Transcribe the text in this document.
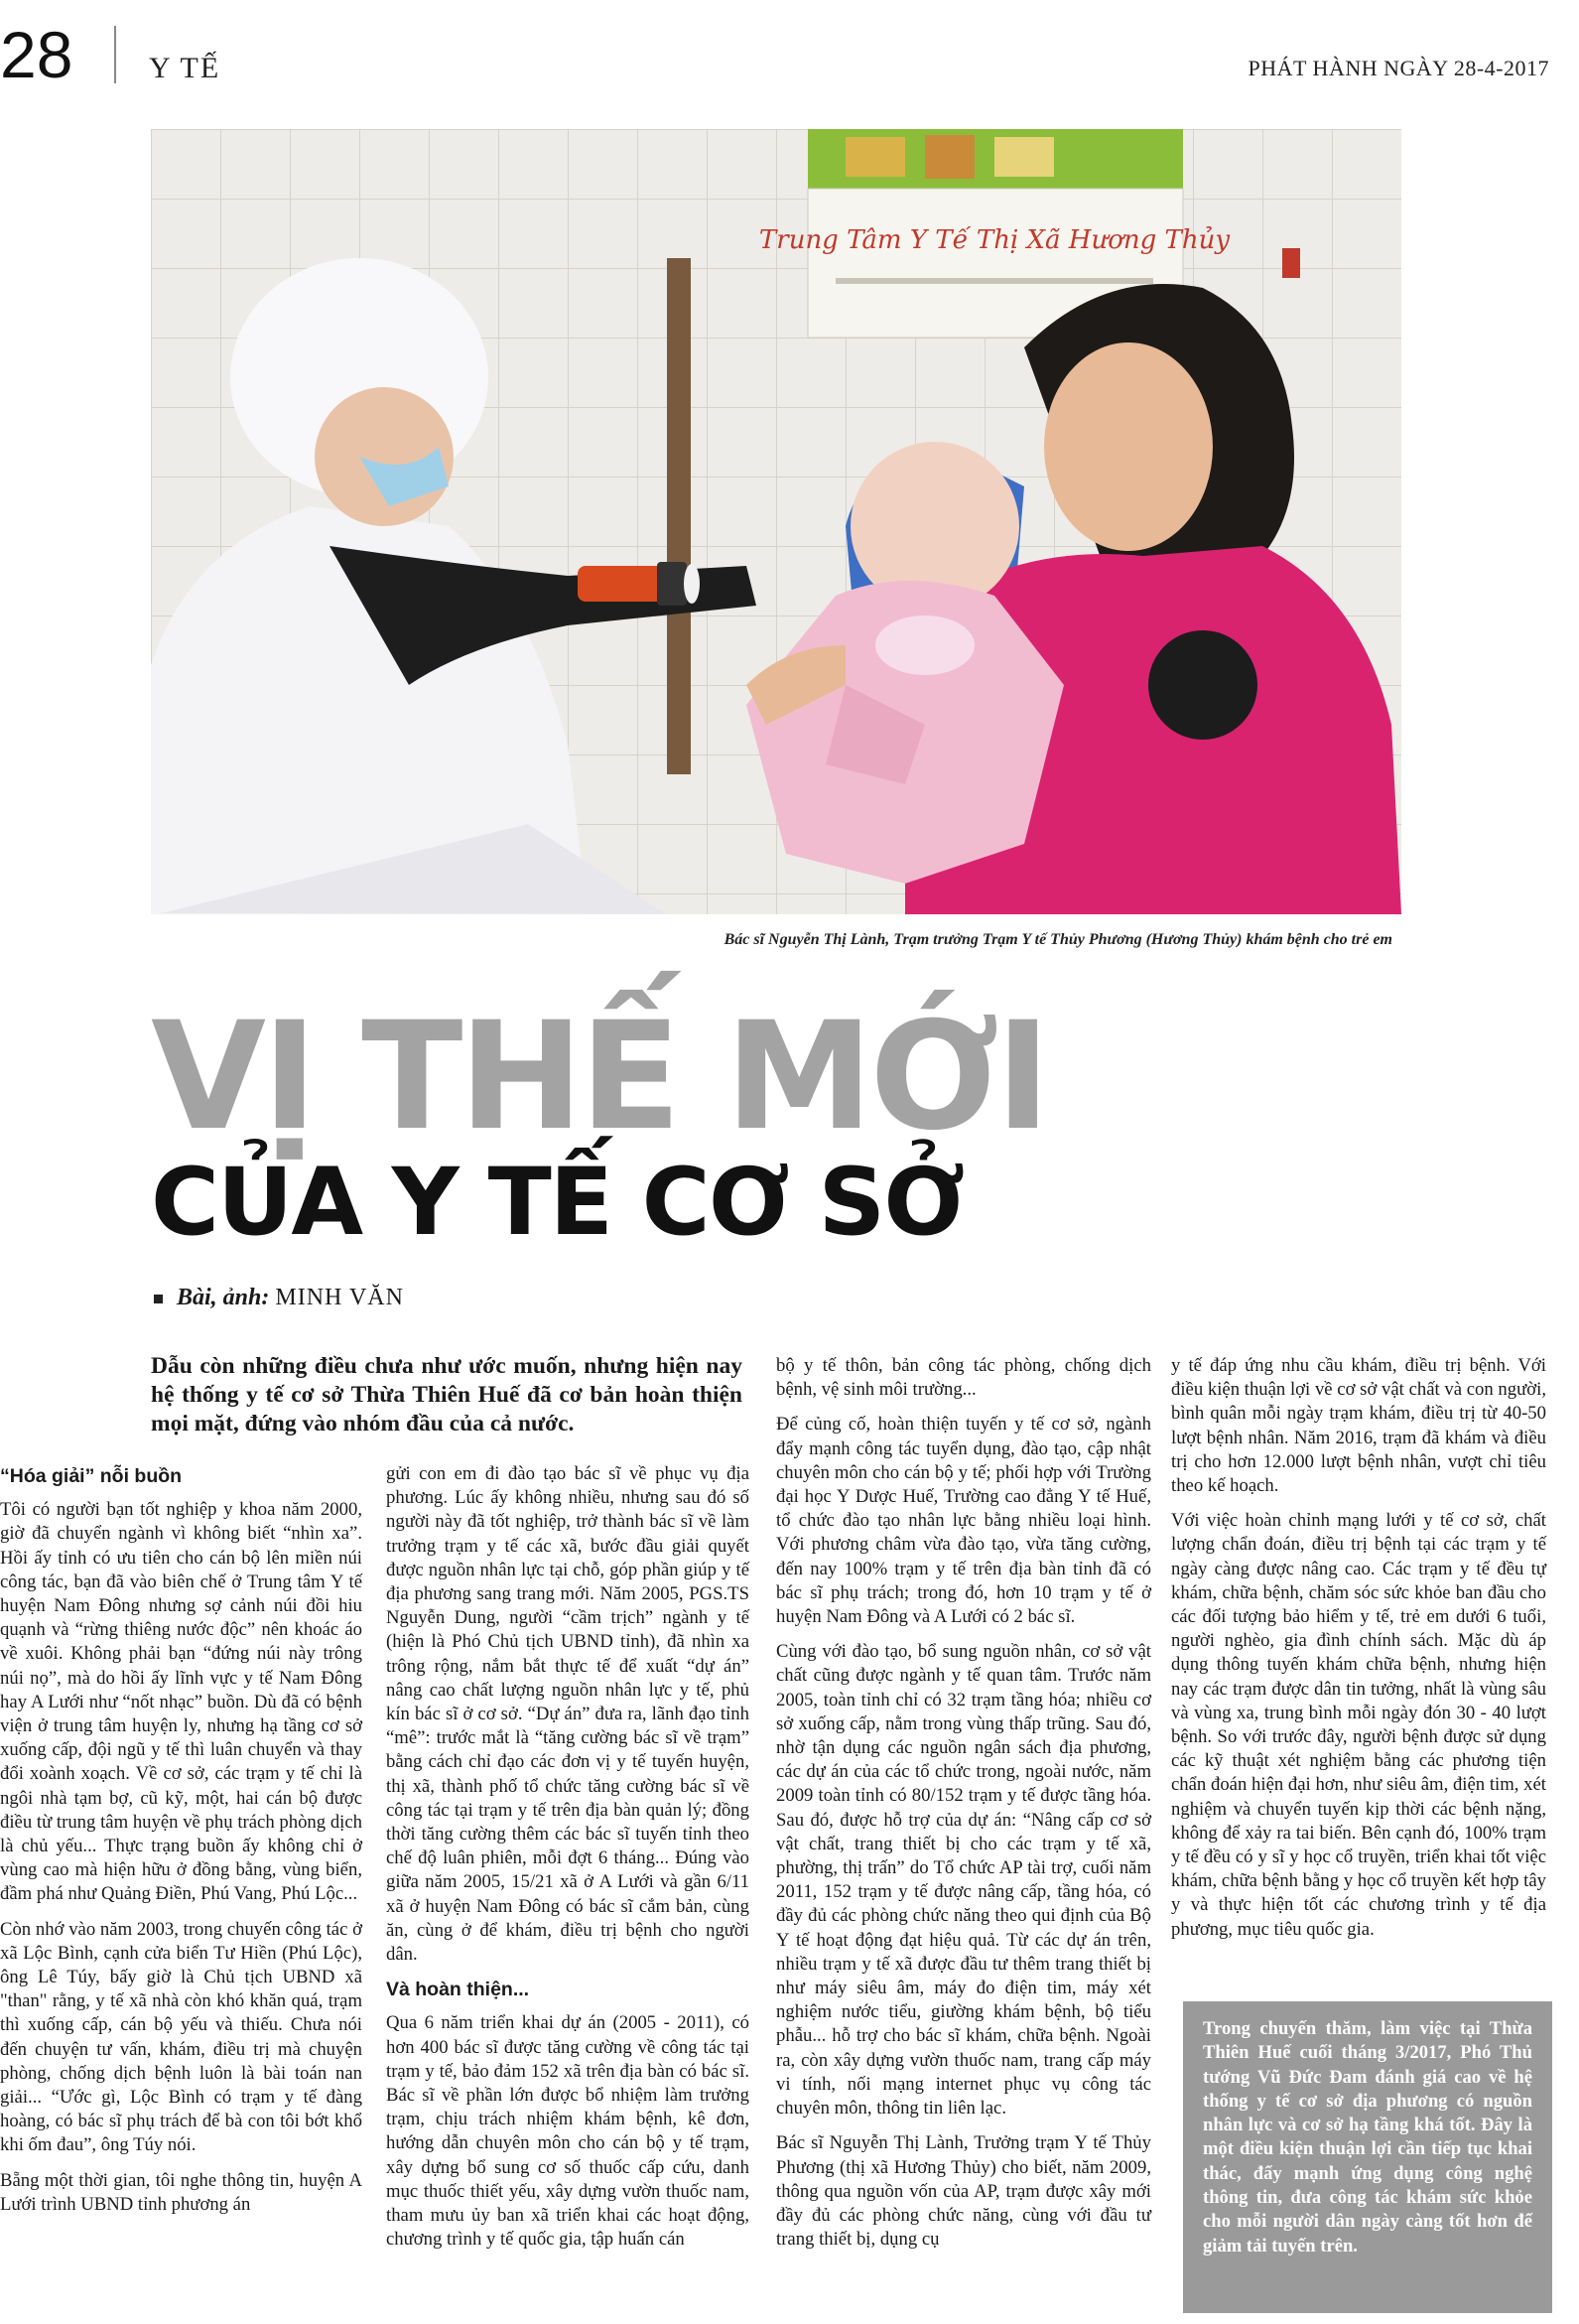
28	Y TẾ	PHÁT HÀNH NGÀY 28-4-2017
Trung Tâm Y Tế Thị Xã Hương Thủy
Bác sĩ Nguyễn Thị Lành, Trạm trưởng Trạm Y tế Thủy Phương (Hương Thủy) khám bệnh cho trẻ em
VỊ THẾ MỚI
CỦA Y TẾ CƠ SỞ
Bài, ảnh: MINH VĂN
Dẫu còn những điều chưa như ước muốn, nhưng hiện nay hệ thống y tế cơ sở Thừa Thiên Huế đã cơ bản hoàn thiện mọi mặt, đứng vào nhóm đầu của cả nước.
“Hóa giải” nỗi buồn

Tôi có người bạn tốt nghiệp y khoa năm 2000, giờ đã chuyển ngành vì không biết “nhìn xa”. Hồi ấy tỉnh có ưu tiên cho cán bộ lên miền núi công tác, bạn đã vào biên chế ở Trung tâm Y tế huyện Nam Đông nhưng sợ cảnh núi đồi hiu quạnh và “rừng thiêng nước độc” nên khoác áo về xuôi. Không phải bạn “đứng núi này trông núi nọ”, mà do hồi ấy lĩnh vực y tế Nam Đông hay A Lưới như “nốt nhạc” buồn. Dù đã có bệnh viện ở trung tâm huyện ly, nhưng hạ tầng cơ sở xuống cấp, đội ngũ y tế thì luân chuyển và thay đổi xoành xoạch. Về cơ sở, các trạm y tế chỉ là ngôi nhà tạm bợ, cũ kỹ, một, hai cán bộ được điều từ trung tâm huyện về phụ trách phòng dịch là chủ yếu... Thực trạng buồn ấy không chỉ ở vùng cao mà hiện hữu ở đồng bằng, vùng biển, đầm phá như Quảng Điền, Phú Vang, Phú Lộc...

Còn nhớ vào năm 2003, trong chuyến công tác ở xã Lộc Bình, cạnh cửa biển Tư Hiền (Phú Lộc), ông Lê Túy, bấy giờ là Chủ tịch UBND xã "than" rằng, y tế xã nhà còn khó khăn quá, trạm thì xuống cấp, cán bộ yếu và thiếu. Chưa nói đến chuyện tư vấn, khám, điều trị mà chuyện phòng, chống dịch bệnh luôn là bài toán nan giải... “Ước gì, Lộc Bình có trạm y tế đàng hoàng, có bác sĩ phụ trách để bà con tôi bớt khổ khi ốm đau”, ông Túy nói.

Bẵng một thời gian, tôi nghe thông tin, huyện A Lưới trình UBND tỉnh phương án

gửi con em đi đào tạo bác sĩ về phục vụ địa phương. Lúc ấy không nhiều, nhưng sau đó số người này đã tốt nghiệp, trở thành bác sĩ về làm trưởng trạm y tế các xã, bước đầu giải quyết được nguồn nhân lực tại chỗ, góp phần giúp y tế địa phương sang trang mới. Năm 2005, PGS.TS Nguyễn Dung, người “cầm trịch” ngành y tế (hiện là Phó Chủ tịch UBND tỉnh), đã nhìn xa trông rộng, nắm bắt thực tế để xuất “dự án” nâng cao chất lượng nguồn nhân lực y tế, phủ kín bác sĩ ở cơ sở. “Dự án” đưa ra, lãnh đạo tỉnh “mê”: trước mắt là “tăng cường bác sĩ về trạm” bằng cách chỉ đạo các đơn vị y tế tuyến huyện, thị xã, thành phố tổ chức tăng cường bác sĩ về công tác tại trạm y tế trên địa bàn quản lý; đồng thời tăng cường thêm các bác sĩ tuyến tỉnh theo chế độ luân phiên, mỗi đợt 6 tháng... Đúng vào giữa năm 2005, 15/21 xã ở A Lưới và gần 6/11 xã ở huyện Nam Đông có bác sĩ cắm bản, cùng ăn, cùng ở để khám, điều trị bệnh cho người dân.

Và hoàn thiện...

Qua 6 năm triển khai dự án (2005 - 2011), có hơn 400 bác sĩ được tăng cường về công tác tại trạm y tế, bảo đảm 152 xã trên địa bàn có bác sĩ. Bác sĩ về phần lớn được bổ nhiệm làm trưởng trạm, chịu trách nhiệm khám bệnh, kê đơn, hướng dẫn chuyên môn cho cán bộ y tế trạm, xây dựng bổ sung cơ số thuốc cấp cứu, danh mục thuốc thiết yếu, xây dựng vườn thuốc nam, tham mưu ủy ban xã triển khai các hoạt động, chương trình y tế quốc gia, tập huấn cán

bộ y tế thôn, bản công tác phòng, chống dịch bệnh, vệ sinh môi trường...

Để củng cố, hoàn thiện tuyến y tế cơ sở, ngành đẩy mạnh công tác tuyển dụng, đào tạo, cập nhật chuyên môn cho cán bộ y tế; phối hợp với Trường đại học Y Dược Huế, Trường cao đẳng Y tế Huế, tổ chức đào tạo nhân lực bằng nhiều loại hình. Với phương châm vừa đào tạo, vừa tăng cường, đến nay 100% trạm y tế trên địa bàn tỉnh đã có bác sĩ phụ trách; trong đó, hơn 10 trạm y tế ở huyện Nam Đông và A Lưới có 2 bác sĩ.

Cùng với đào tạo, bổ sung nguồn nhân, cơ sở vật chất cũng được ngành y tế quan tâm. Trước năm 2005, toàn tỉnh chỉ có 32 trạm tầng hóa; nhiều cơ sở xuống cấp, nằm trong vùng thấp trũng. Sau đó, nhờ tận dụng các nguồn ngân sách địa phương, các dự án của các tổ chức trong, ngoài nước, năm 2009 toàn tỉnh có 80/152 trạm y tế được tầng hóa. Sau đó, được hỗ trợ của dự án: “Nâng cấp cơ sở vật chất, trang thiết bị cho các trạm y tế xã, phường, thị trấn” do Tổ chức AP tài trợ, cuối năm 2011, 152 trạm y tế được nâng cấp, tầng hóa, có đầy đủ các phòng chức năng theo qui định của Bộ Y tế hoạt động đạt hiệu quả. Từ các dự án trên, nhiều trạm y tế xã được đầu tư thêm trang thiết bị như máy siêu âm, máy đo điện tim, máy xét nghiệm nước tiểu, giường khám bệnh, bộ tiểu phẫu... hỗ trợ cho bác sĩ khám, chữa bệnh. Ngoài ra, còn xây dựng vườn thuốc nam, trang cấp máy vi tính, nối mạng internet phục vụ công tác chuyên môn, thông tin liên lạc.

Bác sĩ Nguyễn Thị Lành, Trưởng trạm Y tế Thủy Phương (thị xã Hương Thủy) cho biết, năm 2009, thông qua nguồn vốn của AP, trạm được xây mới đầy đủ các phòng chức năng, cùng với đầu tư trang thiết bị, dụng cụ

y tế đáp ứng nhu cầu khám, điều trị bệnh. Với điều kiện thuận lợi về cơ sở vật chất và con người, bình quân mỗi ngày trạm khám, điều trị từ 40-50 lượt bệnh nhân. Năm 2016, trạm đã khám và điều trị cho hơn 12.000 lượt bệnh nhân, vượt chỉ tiêu theo kế hoạch.

Với việc hoàn chỉnh mạng lưới y tế cơ sở, chất lượng chẩn đoán, điều trị bệnh tại các trạm y tế ngày càng được nâng cao. Các trạm y tế đều tự khám, chữa bệnh, chăm sóc sức khỏe ban đầu cho các đối tượng bảo hiểm y tế, trẻ em dưới 6 tuổi, người nghèo, gia đình chính sách. Mặc dù áp dụng thông tuyến khám chữa bệnh, nhưng hiện nay các trạm được dân tin tưởng, nhất là vùng sâu và vùng xa, trung bình mỗi ngày đón 30 - 40 lượt bệnh. So với trước đây, người bệnh được sử dụng các kỹ thuật xét nghiệm bằng các phương tiện chẩn đoán hiện đại hơn, như siêu âm, điện tim, xét nghiệm và chuyển tuyến kịp thời các bệnh nặng, không để xảy ra tai biến. Bên cạnh đó, 100% trạm y tế đều có y sĩ y học cổ truyền, triển khai tốt việc khám, chữa bệnh bằng y học cổ truyền kết hợp tây y và thực hiện tốt các chương trình y tế địa phương, mục tiêu quốc gia.

Trong chuyến thăm, làm việc tại Thừa Thiên Huế cuối tháng 3/2017, Phó Thủ tướng Vũ Đức Đam đánh giá cao về hệ thống y tế cơ sở địa phương có nguồn nhân lực và cơ sở hạ tầng khá tốt. Đây là một điều kiện thuận lợi cần tiếp tục khai thác, đẩy mạnh ứng dụng công nghệ thông tin, đưa công tác khám sức khỏe cho mỗi người dân ngày càng tốt hơn để giảm tải tuyến trên.
